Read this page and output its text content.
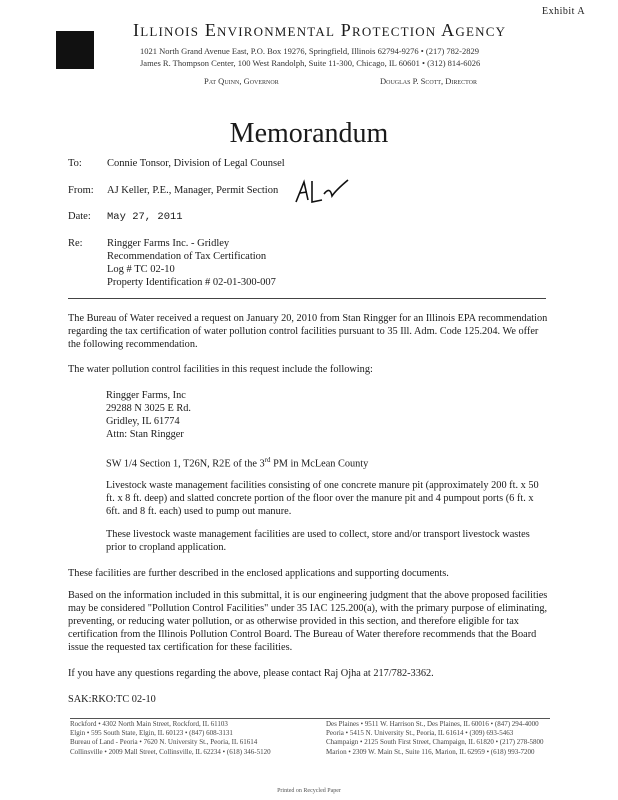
Exhibit A
Illinois Environmental Protection Agency
1021 North Grand Avenue East, P.O. Box 19276, Springfield, Illinois 62794-9276 • (217) 782-2829
James R. Thompson Center, 100 West Randolph, Suite 11-300, Chicago, IL 60601 • (312) 814-6026
Pat Quinn, Governor	Douglas P. Scott, Director
Memorandum
To: Connie Tonsor, Division of Legal Counsel
From: AJ Keller, P.E., Manager, Permit Section
Date: May 27, 2011
Re: Ringger Farms Inc. - Gridley
Recommendation of Tax Certification
Log # TC 02-10
Property Identification # 02-01-300-007
The Bureau of Water received a request on January 20, 2010 from Stan Ringger for an Illinois EPA recommendation regarding the tax certification of water pollution control facilities pursuant to 35 Ill. Adm. Code 125.204. We offer the following recommendation.
The water pollution control facilities in this request include the following:
Ringger Farms, Inc
29288 N 3025 E Rd.
Gridley, IL 61774
Attn: Stan Ringger
SW 1/4 Section 1, T26N, R2E of the 3rd PM in McLean County
Livestock waste management facilities consisting of one concrete manure pit (approximately 200 ft. x 50 ft. x 8 ft. deep) and slatted concrete portion of the floor over the manure pit and 4 pumpout ports (6 ft. x 6ft. and 8 ft. each) used to pump out manure.
These livestock waste management facilities are used to collect, store and/or transport livestock wastes prior to cropland application.
These facilities are further described in the enclosed applications and supporting documents.
Based on the information included in this submittal, it is our engineering judgment that the above proposed facilities may be considered "Pollution Control Facilities" under 35 IAC 125.200(a), with the primary purpose of eliminating, preventing, or reducing water pollution, or as otherwise provided in this section, and therefore eligible for tax certification from the Illinois Pollution Control Board. The Bureau of Water therefore recommends that the Board issue the requested tax certification for these facilities.
If you have any questions regarding the above, please contact Raj Ojha at 217/782-3362.
SAK:RKO:TC 02-10
Rockford • 4302 North Main Street, Rockford, IL 61103
Elgin • 595 South State, Elgin, IL 60123 • (847) 608-3131
Bureau of Land - Peoria • 7620 N. University St., Peoria, IL 61614
Collinsville • 2009 Mall Street, Collinsville, IL 62234 • (618) 346-5120
Des Plaines • 9511 W. Harrison St., Des Plaines, IL 60016 • (847) 294-4000
Peoria • 5415 N. University St., Peoria, IL 61614 • (309) 693-5463
Champaign • 2125 South First Street, Champaign, IL 61820 • (217) 278-5800
Marion • 2309 W. Main St., Suite 116, Marion, IL 62959 • (618) 993-7200
Printed on Recycled Paper
